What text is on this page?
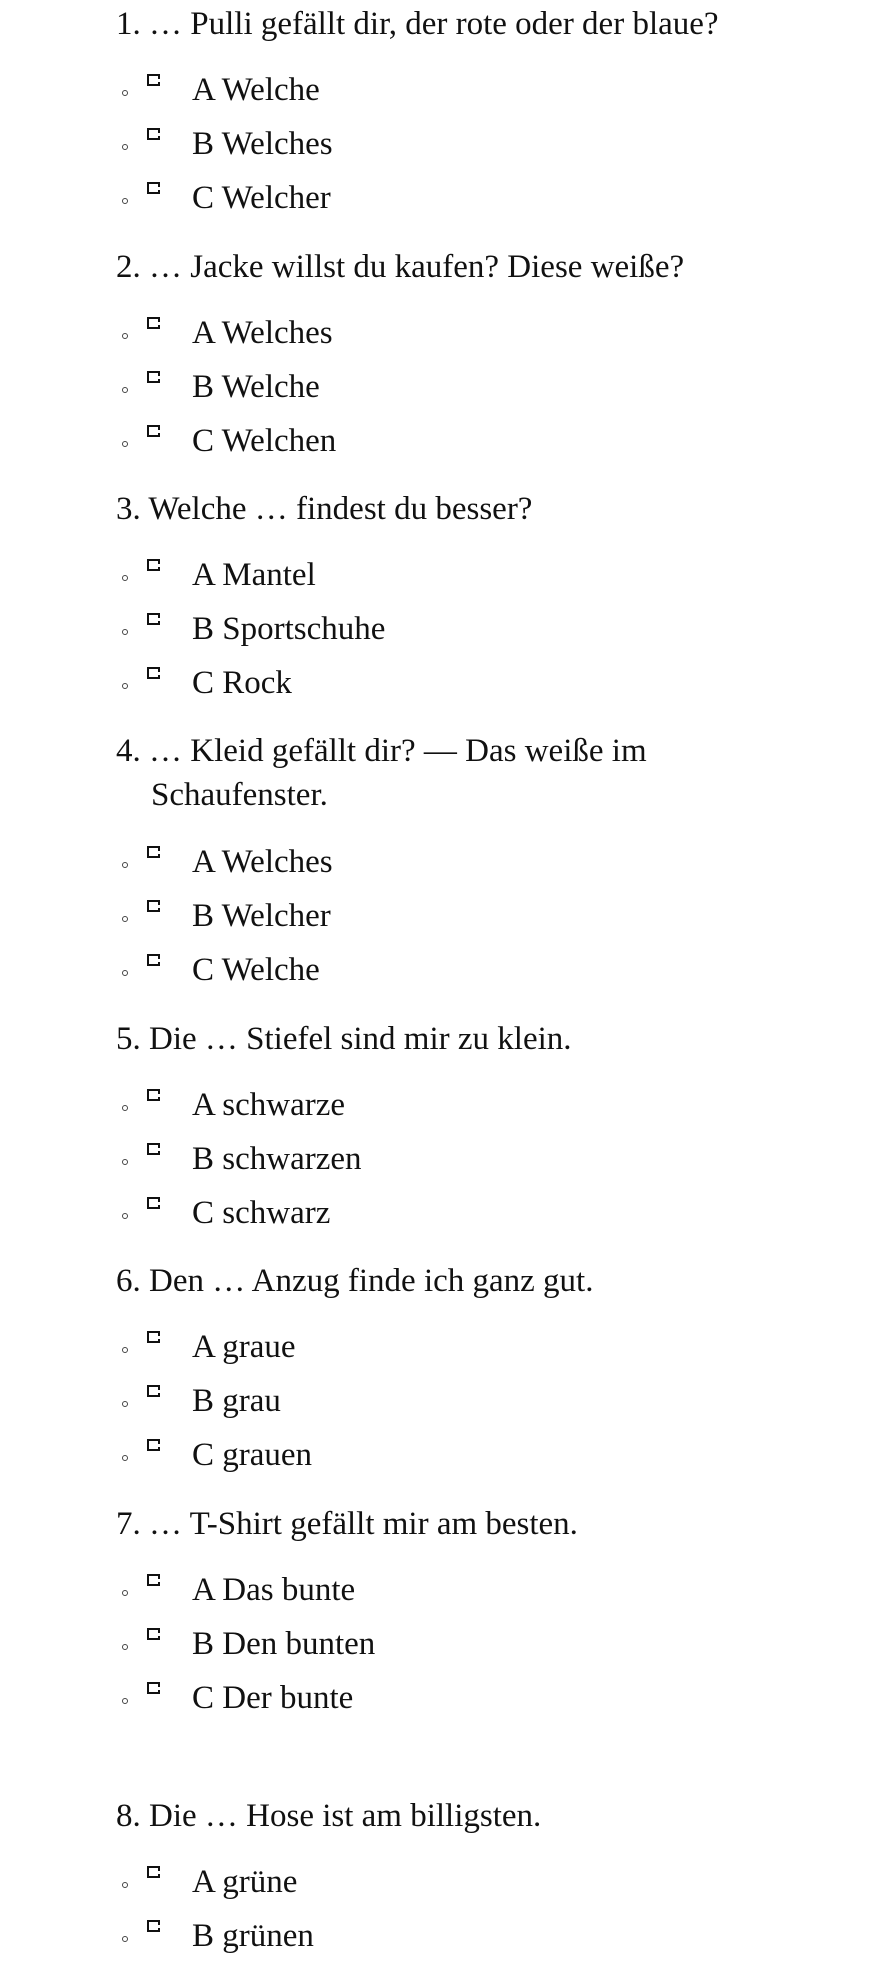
1. … Pulli gefällt dir, der rote oder der blaue?
A Welche
B Welches
C Welcher
2. … Jacke willst du kaufen? Diese weiße?
A Welches
B Welche
C Welchen
3. Welche … findest du besser?
A Mantel
B Sportschuhe
C Rock
4. … Kleid gefällt dir? — Das weiße im Schaufenster.
A Welches
B Welcher
C Welche
5. Die … Stiefel sind mir zu klein.
A schwarze
B schwarzen
C schwarz
6. Den … Anzug finde ich ganz gut.
A graue
B grau
C grauen
7. … T-Shirt gefällt mir am besten.
A Das bunte
B Den bunten
C Der bunte
8. Die … Hose ist am billigsten.
A grüne
B grünen
